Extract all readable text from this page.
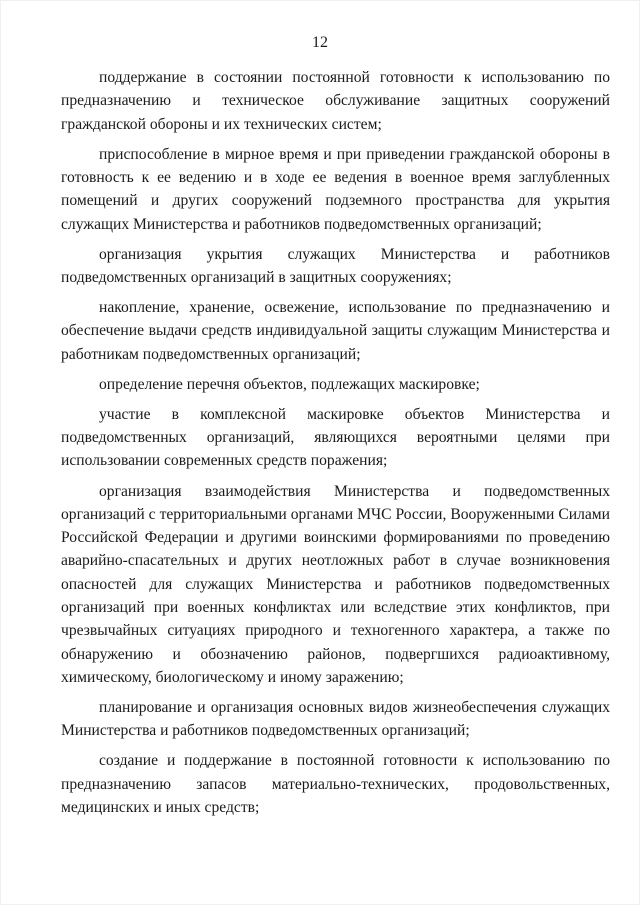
12

поддержание в состоянии постоянной готовности к использованию по предназначению и техническое обслуживание защитных сооружений гражданской обороны и их технических систем;

приспособление в мирное время и при приведении гражданской обороны в готовность к ее ведению и в ходе ее ведения в военное время заглубленных помещений и других сооружений подземного пространства для укрытия служащих Министерства и работников подведомственных организаций;

организация укрытия служащих Министерства и работников подведомственных организаций в защитных сооружениях;

накопление, хранение, освежение, использование по предназначению и обеспечение выдачи средств индивидуальной защиты служащим Министерства и работникам подведомственных организаций;

определение перечня объектов, подлежащих маскировке;

участие в комплексной маскировке объектов Министерства и подведомственных организаций, являющихся вероятными целями при использовании современных средств поражения;

организация взаимодействия Министерства и подведомственных организаций с территориальными органами МЧС России, Вооруженными Силами Российской Федерации и другими воинскими формированиями по проведению аварийно-спасательных и других неотложных работ в случае возникновения опасностей для служащих Министерства и работников подведомственных организаций при военных конфликтах или вследствие этих конфликтов, при чрезвычайных ситуациях природного и техногенного характера, а также по обнаружению и обозначению районов, подвергшихся радиоактивному, химическому, биологическому и иному заражению;

планирование и организация основных видов жизнеобеспечения служащих Министерства и работников подведомственных организаций;

создание и поддержание в постоянной готовности к использованию по предназначению запасов материально-технических, продовольственных, медицинских и иных средств;
